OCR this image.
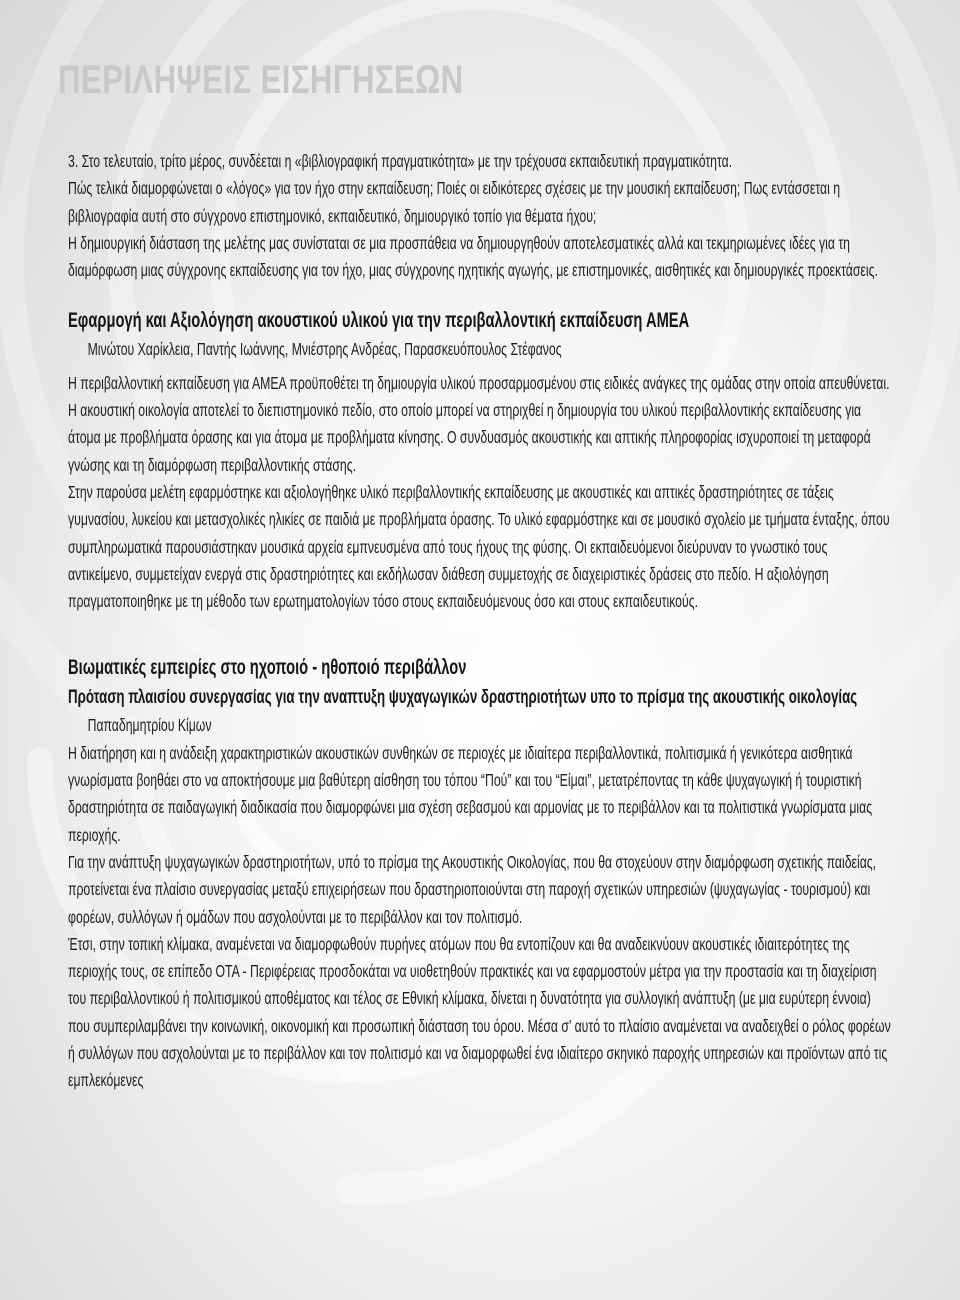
ΠΕΡΙΛΗΨΕΙΣ ΕΙΣΗΓΗΣΕΩΝ

3. Στο τελευταίο, τρίτο μέρος, συνδέεται η «βιβλιογραφική πραγματικότητα» με την τρέχουσα εκπαιδευτική πραγματικότητα.

Πώς τελικά διαμορφώνεται ο «λόγος» για τον ήχο στην εκπαίδευση; Ποιές οι ειδικότερες σχέσεις με την μουσική εκπαίδευση; Πως εντάσσεται η βιβλιογραφία αυτή στο σύγχρονο επιστημονικό, εκπαιδευτικό, δημιουργικό τοπίο για θέματα ήχου;

Η δημιουργική διάσταση της μελέτης μας συνίσταται σε μια προσπάθεια να δημιουργηθούν αποτελεσματικές αλλά και τεκμηριωμένες ιδέες για τη διαμόρφωση μιας σύγχρονης εκπαίδευσης για τον ήχο, μιας σύγχρονης ηχητικής αγωγής, με επιστημονικές, αισθητικές και δημιουργικές προεκτάσεις.

Εφαρμογή και Αξιολόγηση ακουστικού υλικού για την περιβαλλοντική εκπαίδευση ΑΜΕΑ
Μινώτου Χαρίκλεια, Παντής Ιωάννης, Μνιέστρης Ανδρέας, Παρασκευόπουλος Στέφανος

Η περιβαλλοντική εκπαίδευση για ΑΜΕΑ προϋποθέτει τη δημιουργία υλικού προσαρμοσμένου στις ειδικές ανάγκες της ομάδας στην οποία απευθύνεται.

Η ακουστική οικολογία αποτελεί το διεπιστημονικό πεδίο, στο οποίο μπορεί να στηριχθεί η δημιουργία του υλικού περιβαλλοντικής εκπαίδευσης για άτομα με προβλήματα όρασης και για άτομα με προβλήματα κίνησης. Ο συνδυασμός ακουστικής και απτικής πληροφορίας ισχυροποιεί τη μεταφορά γνώσης και τη διαμόρφωση περιβαλλοντικής στάσης.

Στην παρούσα μελέτη εφαρμόστηκε και αξιολογήθηκε υλικό περιβαλλοντικής εκπαίδευσης με ακουστικές και απτικές δραστηριότητες σε τάξεις γυμνασίου, λυκείου και μετασχολικές ηλικίες σε παιδιά με προβλήματα όρασης. Το υλικό εφαρμόστηκε και σε μουσικό σχολείο με τμήματα ένταξης, όπου συμπληρωματικά παρουσιάστηκαν μουσικά αρχεία εμπνευσμένα από τους ήχους της φύσης. Οι εκπαιδευόμενοι διεύρυναν το γνωστικό τους αντικείμενο, συμμετείχαν ενεργά στις δραστηριότητες και εκδήλωσαν διάθεση συμμετοχής σε διαχειριστικές δράσεις στο πεδίο. Η αξιολόγηση πραγματοποιηθηκε με τη μέθοδο των ερωτηματολογίων τόσο στους εκπαιδευόμενους όσο και στους εκπαιδευτικούς.

Βιωματικές εμπειρίες στο ηχοποιό - ηθοποιό περιβάλλον
Πρόταση πλαισίου συνεργασίας για την αναπτυξη ψυχαγωγικών δραστηριοτήτων υπο το πρίσμα της ακουστικής οικολογίας
Παπαδημητρίου Κίμων

Η διατήρηση και η ανάδειξη χαρακτηριστικών ακουστικών συνθηκών σε περιοχές με ιδιαίτερα περιβαλλοντικά, πολιτισμικά ή γενικότερα αισθητικά γνωρίσματα βοηθάει στο να αποκτήσουμε μια βαθύτερη αίσθηση του τόπου “Πού” και του “Είμαι”, μετατρέποντας τη κάθε ψυχαγωγική ή τουριστική δραστηριότητα σε παιδαγωγική διαδικασία που διαμορφώνει μια σχέση σεβασμού και αρμονίας με το περιβάλλον και τα πολιτιστικά γνωρίσματα μιας περιοχής.

Για την ανάπτυξη ψυχαγωγικών δραστηριοτήτων, υπό το πρίσμα της Ακουστικής Οικολογίας, που θα στοχεύουν στην διαμόρφωση σχετικής παιδείας, προτείνεται ένα πλαίσιο συνεργασίας μεταξύ επιχειρήσεων που δραστηριοποιούνται στη παροχή σχετικών υπηρεσιών (ψυχαγωγίας - τουρισμού) και φορέων, συλλόγων ή ομάδων που ασχολούνται με το περιβάλλον και τον πολιτισμό.

Έτσι, στην τοπική κλίμακα, αναμένεται να διαμορφωθούν πυρήνες ατόμων που θα εντοπίζουν και θα αναδεικνύουν ακουστικές ιδιαιτερότητες της περιοχής τους, σε επίπεδο ΟΤΑ - Περιφέρειας προσδοκάται να υιοθετηθούν πρακτικές και να εφαρμοστούν μέτρα για την προστασία και τη διαχείριση του περιβαλλοντικού ή πολιτισμικού αποθέματος και τέλος σε Εθνική κλίμακα, δίνεται η δυνατότητα για συλλογική ανάπτυξη (με μια ευρύτερη έννοια) που συμπεριλαμβάνει την κοινωνική, οικονομική και προσωπική διάσταση του όρου. Μέσα σ’ αυτό το πλαίσιο αναμένεται να αναδειχθεί ο ρόλος φορέων ή συλλόγων που ασχολούνται με το περιβάλλον και τον πολιτισμό και να διαμορφωθεί ένα ιδιαίτερο σκηνικό παροχής υπηρεσιών και προϊόντων από τις εμπλεκόμενες
